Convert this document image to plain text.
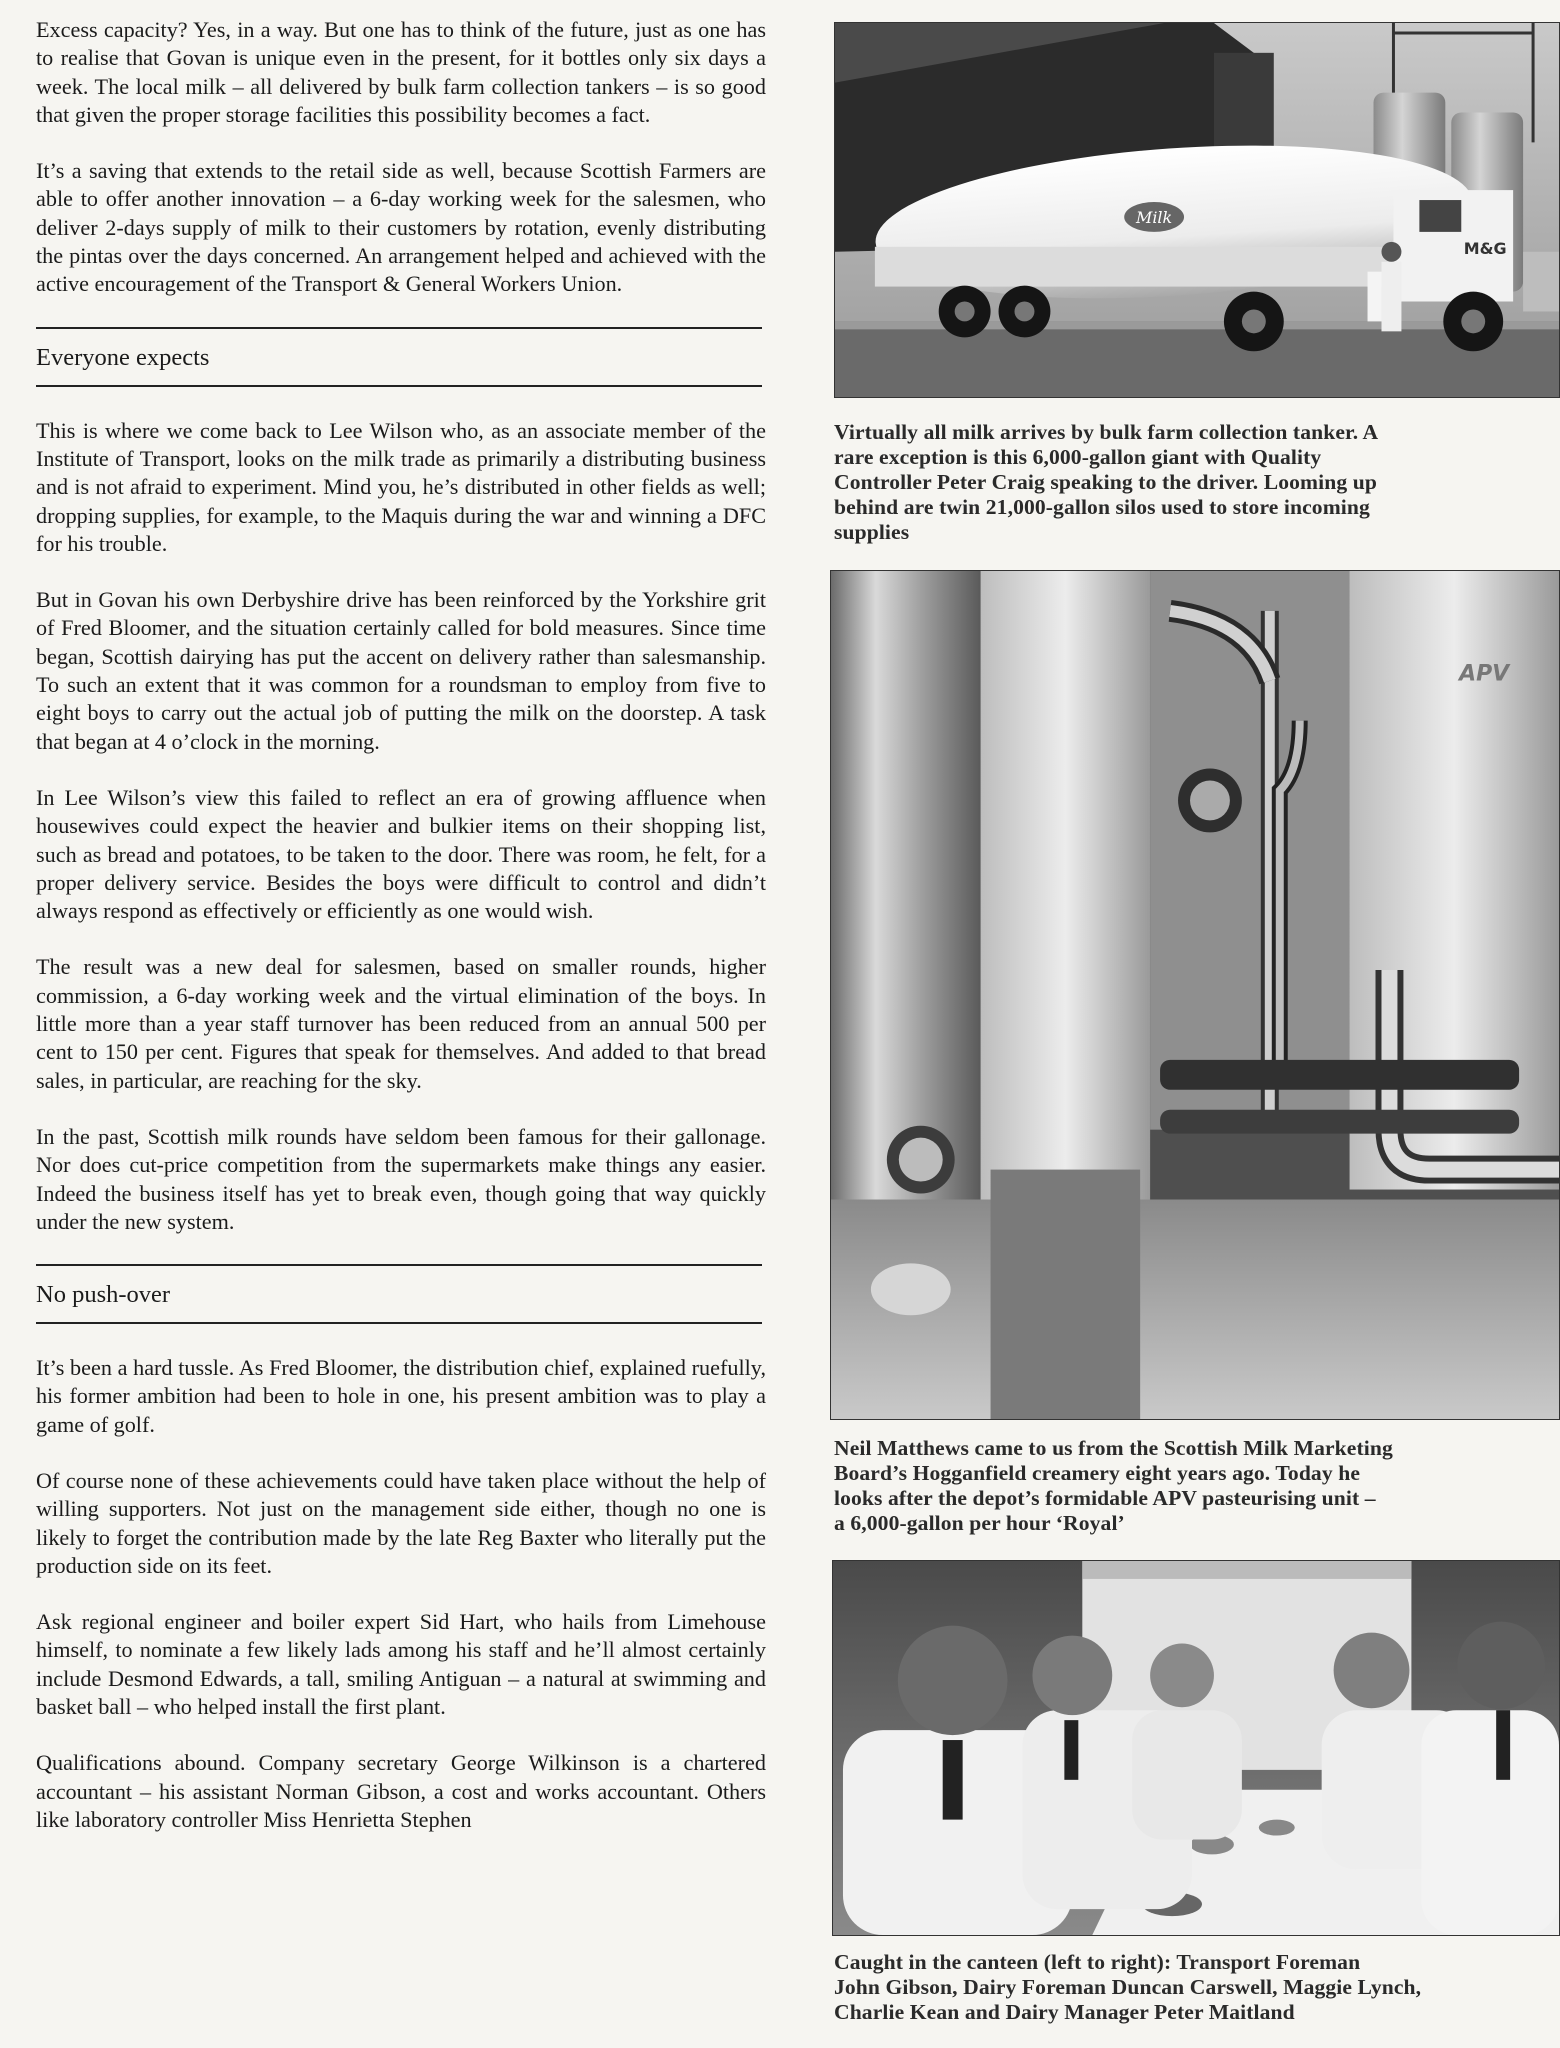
Excess capacity? Yes, in a way. But one has to think of the future, just as one has to realise that Govan is unique even in the present, for it bottles only six days a week. The local milk – all delivered by bulk farm collection tankers – is so good that given the proper storage facilities this possibility becomes a fact.

It’s a saving that extends to the retail side as well, because Scottish Farmers are able to offer another innovation – a 6-day working week for the salesmen, who deliver 2-days supply of milk to their customers by rotation, evenly distributing the pintas over the days concerned. An arrangement helped and achieved with the active encouragement of the Transport & General Workers Union.

Everyone expects

This is where we come back to Lee Wilson who, as an associate member of the Institute of Transport, looks on the milk trade as primarily a distributing business and is not afraid to experiment. Mind you, he’s distributed in other fields as well; dropping supplies, for example, to the Maquis during the war and winning a DFC for his trouble.

But in Govan his own Derbyshire drive has been reinforced by the Yorkshire grit of Fred Bloomer, and the situation certainly called for bold measures. Since time began, Scottish dairying has put the accent on delivery rather than salesmanship. To such an extent that it was common for a roundsman to employ from five to eight boys to carry out the actual job of putting the milk on the doorstep. A task that began at 4 o’clock in the morning.

In Lee Wilson’s view this failed to reflect an era of growing affluence when housewives could expect the heavier and bulkier items on their shopping list, such as bread and potatoes, to be taken to the door. There was room, he felt, for a proper delivery service. Besides the boys were difficult to control and didn’t always respond as effectively or efficiently as one would wish.

The result was a new deal for salesmen, based on smaller rounds, higher commission, a 6-day working week and the virtual elimination of the boys. In little more than a year staff turnover has been reduced from an annual 500 per cent to 150 per cent. Figures that speak for themselves. And added to that bread sales, in particular, are reaching for the sky.

In the past, Scottish milk rounds have seldom been famous for their gallonage. Nor does cut-price competition from the supermarkets make things any easier. Indeed the business itself has yet to break even, though going that way quickly under the new system.

No push-over

It’s been a hard tussle. As Fred Bloomer, the distribution chief, explained ruefully, his former ambition had been to hole in one, his present ambition was to play a game of golf.

Of course none of these achievements could have taken place without the help of willing supporters. Not just on the management side either, though no one is likely to forget the contribution made by the late Reg Baxter who literally put the production side on its feet.

Ask regional engineer and boiler expert Sid Hart, who hails from Limehouse himself, to nominate a few likely lads among his staff and he’ll almost certainly include Desmond Edwards, a tall, smiling Antiguan – a natural at swimming and basket ball – who helped install the first plant.

Qualifications abound. Company secretary George Wilkinson is a chartered accountant – his assistant Norman Gibson, a cost and works accountant. Others like laboratory controller Miss Henrietta Stephen

Milk
M&G
Virtually all milk arrives by bulk farm collection tanker. A
rare exception is this 6,000-gallon giant with Quality
Controller Peter Craig speaking to the driver. Looming up
behind are twin 21,000-gallon silos used to store incoming
supplies
APV
Neil Matthews came to us from the Scottish Milk Marketing
Board’s Hogganfield creamery eight years ago. Today he
looks after the depot’s formidable APV pasteurising unit –
a 6,000-gallon per hour ‘Royal’
Caught in the canteen (left to right): Transport Foreman
John Gibson, Dairy Foreman Duncan Carswell, Maggie Lynch,
Charlie Kean and Dairy Manager Peter Maitland
